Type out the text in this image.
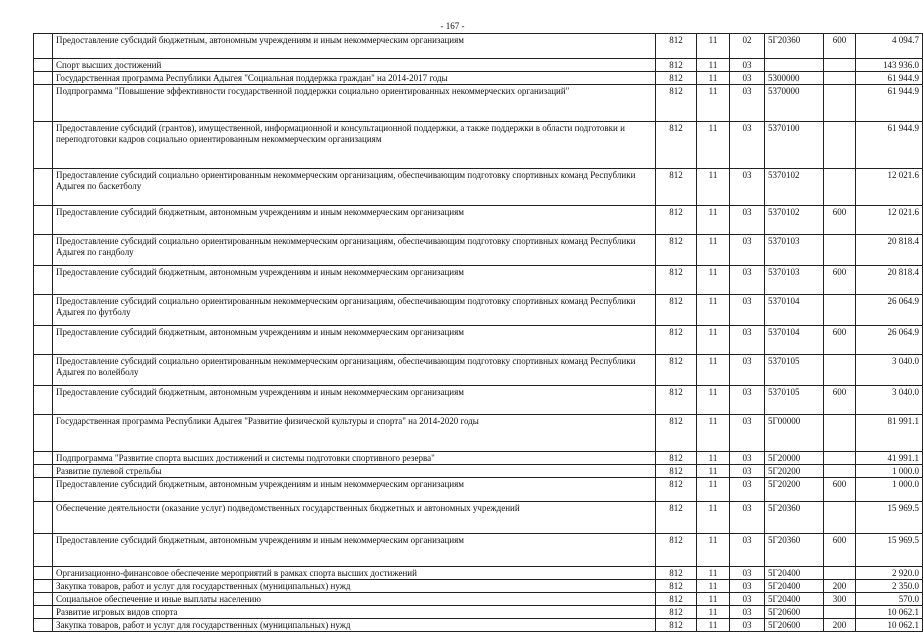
- 167 -
	Предоставление субсидий бюджетным, автономным учреждениям и иным некоммерческим организациям	812	11	02	5Г20360	600	4 094.7
	Спорт высших достижений	812	11	03			143 936.0
	Государственная программа Республики Адыгея "Социальная поддержка граждан" на 2014-2017 годы	812	11	03	5300000		61 944.9
	Подпрограмма "Повышение эффективности государственной поддержки социально ориентированных некоммерческих организаций"	812	11	03	5370000		61 944.9
	Предоставление субсидий (грантов), имущественной, информационной и консультационной поддержки, а также поддержки в области подготовки и переподготовки кадров социально ориентированным некоммерческим организациям	812	11	03	5370100		61 944.9
	Предоставление субсидий социально ориентированным некоммерческим организациям, обеспечивающим подготовку спортивных команд Республики Адыгея по баскетболу	812	11	03	5370102		12 021.6
	Предоставление субсидий бюджетным, автономным учреждениям и иным некоммерческим организациям	812	11	03	5370102	600	12 021.6
	Предоставление субсидий социально ориентированным некоммерческим организациям, обеспечивающим подготовку спортивных команд Республики Адыгея по гандболу	812	11	03	5370103		20 818.4
	Предоставление субсидий бюджетным, автономным учреждениям и иным некоммерческим организациям	812	11	03	5370103	600	20 818.4
	Предоставление субсидий социально ориентированным некоммерческим организациям, обеспечивающим подготовку спортивных команд Республики Адыгея по футболу	812	11	03	5370104		26 064.9
	Предоставление субсидий бюджетным, автономным учреждениям и иным некоммерческим организациям	812	11	03	5370104	600	26 064.9
	Предоставление субсидий социально ориентированным некоммерческим организациям, обеспечивающим подготовку спортивных команд Республики Адыгея по волейболу	812	11	03	5370105		3 040.0
	Предоставление субсидий бюджетным, автономным учреждениям и иным некоммерческим организациям	812	11	03	5370105	600	3 040.0
	Государственная программа Республики Адыгея "Развитие физической культуры и спорта" на 2014-2020 годы	812	11	03	5Г00000		81 991.1
	Подпрограмма "Развитие спорта высших достижений и системы подготовки спортивного резерва"	812	11	03	5Г20000		41 991.1
	Развитие пулевой стрельбы	812	11	03	5Г20200		1 000.0
	Предоставление субсидий бюджетным, автономным учреждениям и иным некоммерческим организациям	812	11	03	5Г20200	600	1 000.0
	Обеспечение деятельности (оказание услуг) подведомственных государственных бюджетных и автономных учреждений	812	11	03	5Г20360		15 969.5
	Предоставление субсидий бюджетным, автономным учреждениям и иным некоммерческим организациям	812	11	03	5Г20360	600	15 969.5
	Организационно-финансовое обеспечение мероприятий в рамках спорта высших достижений	812	11	03	5Г20400		2 920.0
	Закупка товаров, работ и услуг для государственных (муниципальных) нужд	812	11	03	5Г20400	200	2 350.0
	Социальное обеспечение и иные выплаты населению	812	11	03	5Г20400	300	570.0
	Развитие игровых видов спорта	812	11	03	5Г20600		10 062.1
	Закупка товаров, работ и услуг для государственных (муниципальных) нужд	812	11	03	5Г20600	200	10 062.1
